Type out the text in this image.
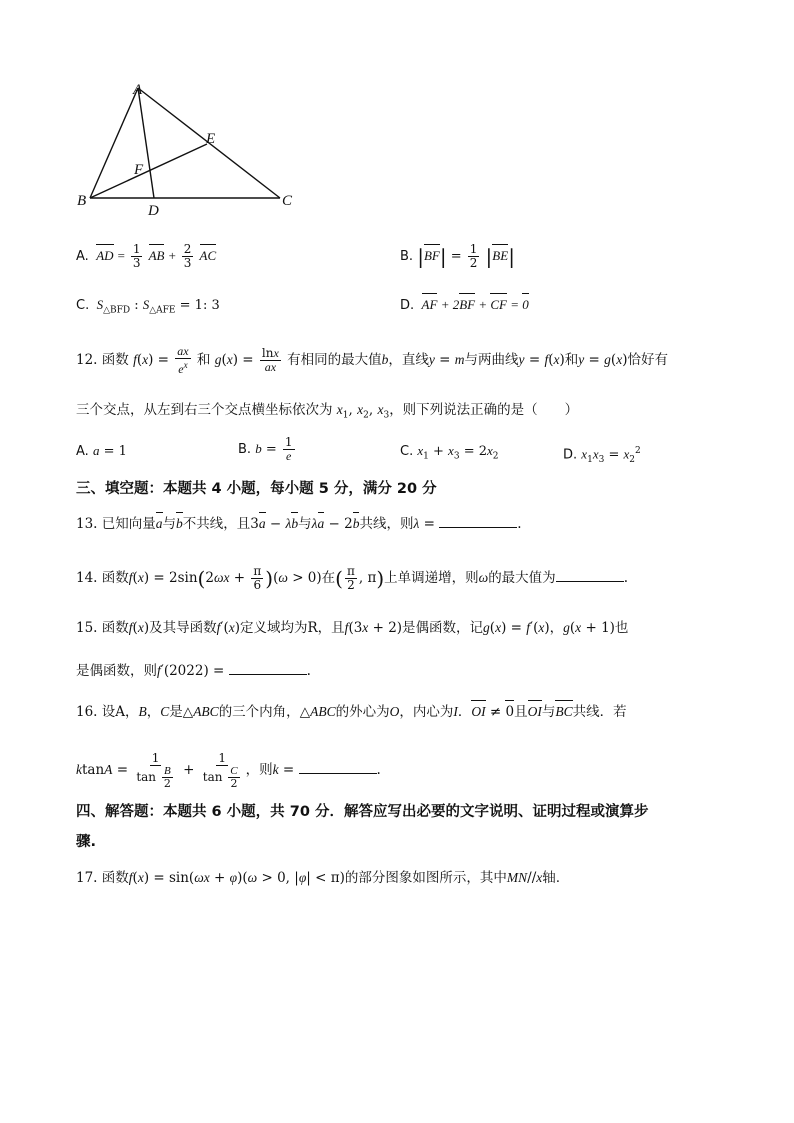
A
B	C
D
E
F
A. AD = $\frac{1}{3}$ AB + $\frac{2}{3}$ AC	B. $|BF| = \frac{1}{2} |BE|$
C.  $S_{\triangle BFD}$ : $S_{\triangle AFE} = 1$: 3	D. AF + 2BF + CF = 0
12. 函数 $f(x) = \frac{ax}{e^x}$ 和 $g(x) = \frac{\ln x}{ax}$ 有相同的最大值b，直线y = m与两曲线y = f(x)和y = g(x)恰好有
三个交点，从左到右三个交点横坐标依次为 $x_1$, $x_2$, $x_3$，则下列说法正确的是（　　）
A. a = 1	B. $b = \frac{1}{e}$	C. $x_1 + x_3 = 2x_2$	D. $x_1x_3 = x_2^2$
三、填空题：本题共 4 小题，每小题 5 分，满分 20 分
13. 已知向量a与b不共线，且3a − λb与λa − 2b共线，则λ =	.
14. 函数$f(x) = 2\sin(2\omega x + \frac{\pi}{6} )(\omega > 0)$在( $\frac{\pi}{2}$ , π)上单调递增，则ω的最大值为	.
15. 函数f(x)及其导函数f′(x)定义域均为R，且f(3x + 2)是偶函数，记g(x) = f′(x)，g(x + 1)也
是偶函数，则f′(2022) =	.
16. 设A，B，C是△ABC的三个内角，△ABC的外心为O，内心为I．OI ≠ 0且OI与BC共线．若
$ktanA = \frac{1}{\tan \frac{B}{2}} + \frac{1}{\tan \frac{C}{2}}$ ，则k =	.
四、解答题：本题共 6 小题，共 70 分．解答应写出必要的文字说明、证明过程或演算步
骤.
17. 函数f(x) = sin(ωx + φ)(ω > 0, |φ| < π)的部分图象如图所示，其中MN//x轴.
